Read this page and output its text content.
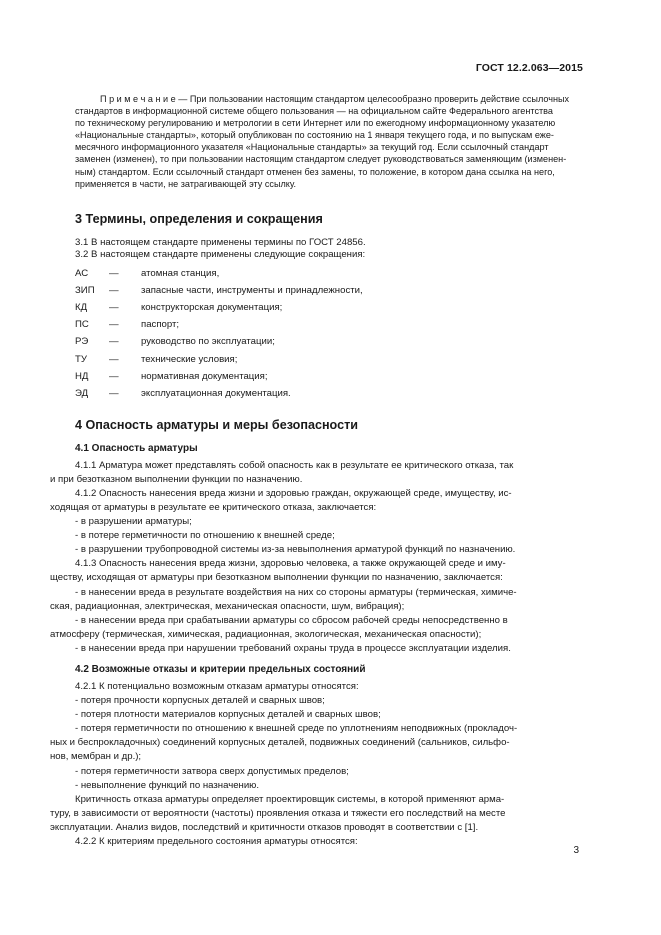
ГОСТ 12.2.063—2015
П р и м е ч а н и е — При пользовании настоящим стандартом целесообразно проверить действие ссылочных
стандартов в информационной системе общего пользования — на официальном сайте Федерального агентства
по техническому регулированию и метрологии в сети Интернет или по ежегодному информационному указателю
«Национальные стандарты», который опубликован по состоянию на 1 января текущего года, и по выпускам еже-
месячного информационного указателя «Национальные стандарты» за текущий год. Если ссылочный стандарт
заменен (изменен), то при пользовании настоящим стандартом следует руководствоваться заменяющим (изменен-
ным) стандартом. Если ссылочный стандарт отменен без замены, то положение, в котором дана ссылка на него,
применяется в части, не затрагивающей эту ссылку.
3 Термины, определения и сокращения

3.1 В настоящем стандарте применены термины по ГОСТ 24856.

3.2 В настоящем стандарте применены следующие сокращения:

АС	—	атомная станция,
ЗИП	—	запасные части, инструменты и принадлежности,
КД	—	конструкторская документация;
ПС	—	паспорт;
РЭ	—	руководство по эксплуатации;
ТУ	—	технические условия;
НД	—	нормативная документация;
ЭД	—	эксплуатационная документация.
4 Опасность арматуры и меры безопасности
4.1 Опасность арматуры
4.1.1 Арматура может представлять собой опасность как в результате ее критического отказа, так
и при безотказном выполнении функции по назначению.
4.1.2 Опасность нанесения вреда жизни и здоровью граждан, окружающей среде, имуществу, ис-
ходящая от арматуры в результате ее критического отказа, заключается:
- в разрушении арматуры;
- в потере герметичности по отношению к внешней среде;
- в разрушении трубопроводной системы из-за невыполнения арматурой функций по назначению.
4.1.3 Опасность нанесения вреда жизни, здоровью человека, а также окружающей среде и иму-
ществу, исходящая от арматуры при безотказном выполнении функции по назначению, заключается:
- в нанесении вреда в результате воздействия на них со стороны арматуры (термическая, химиче-
ская, радиационная, электрическая, механическая опасности, шум, вибрация);
- в нанесении вреда при срабатывании арматуры со сбросом рабочей среды непосредственно в
атмосферу (термическая, химическая, радиационная, экологическая, механическая опасности);
- в нанесении вреда при нарушении требований охраны труда в процессе эксплуатации изделия.
4.2 Возможные отказы и критерии предельных состояний
4.2.1 К потенциально возможным отказам арматуры относятся:
- потеря прочности корпусных деталей и сварных швов;
- потеря плотности материалов корпусных деталей и сварных швов;
- потеря герметичности по отношению к внешней среде по уплотнениям неподвижных (прокладоч-
ных и беспрокладочных) соединений корпусных деталей, подвижных соединений (сальников, сильфо-
нов, мембран и др.);
- потеря герметичности затвора сверх допустимых пределов;
- невыполнение функций по назначению.
Критичность отказа арматуры определяет проектировщик системы, в которой применяют арма-
туру, в зависимости от вероятности (частоты) проявления отказа и тяжести его последствий на месте
эксплуатации. Анализ видов, последствий и критичности отказов проводят в соответствии с [1].
4.2.2 К критериям предельного состояния арматуры относятся:
3
